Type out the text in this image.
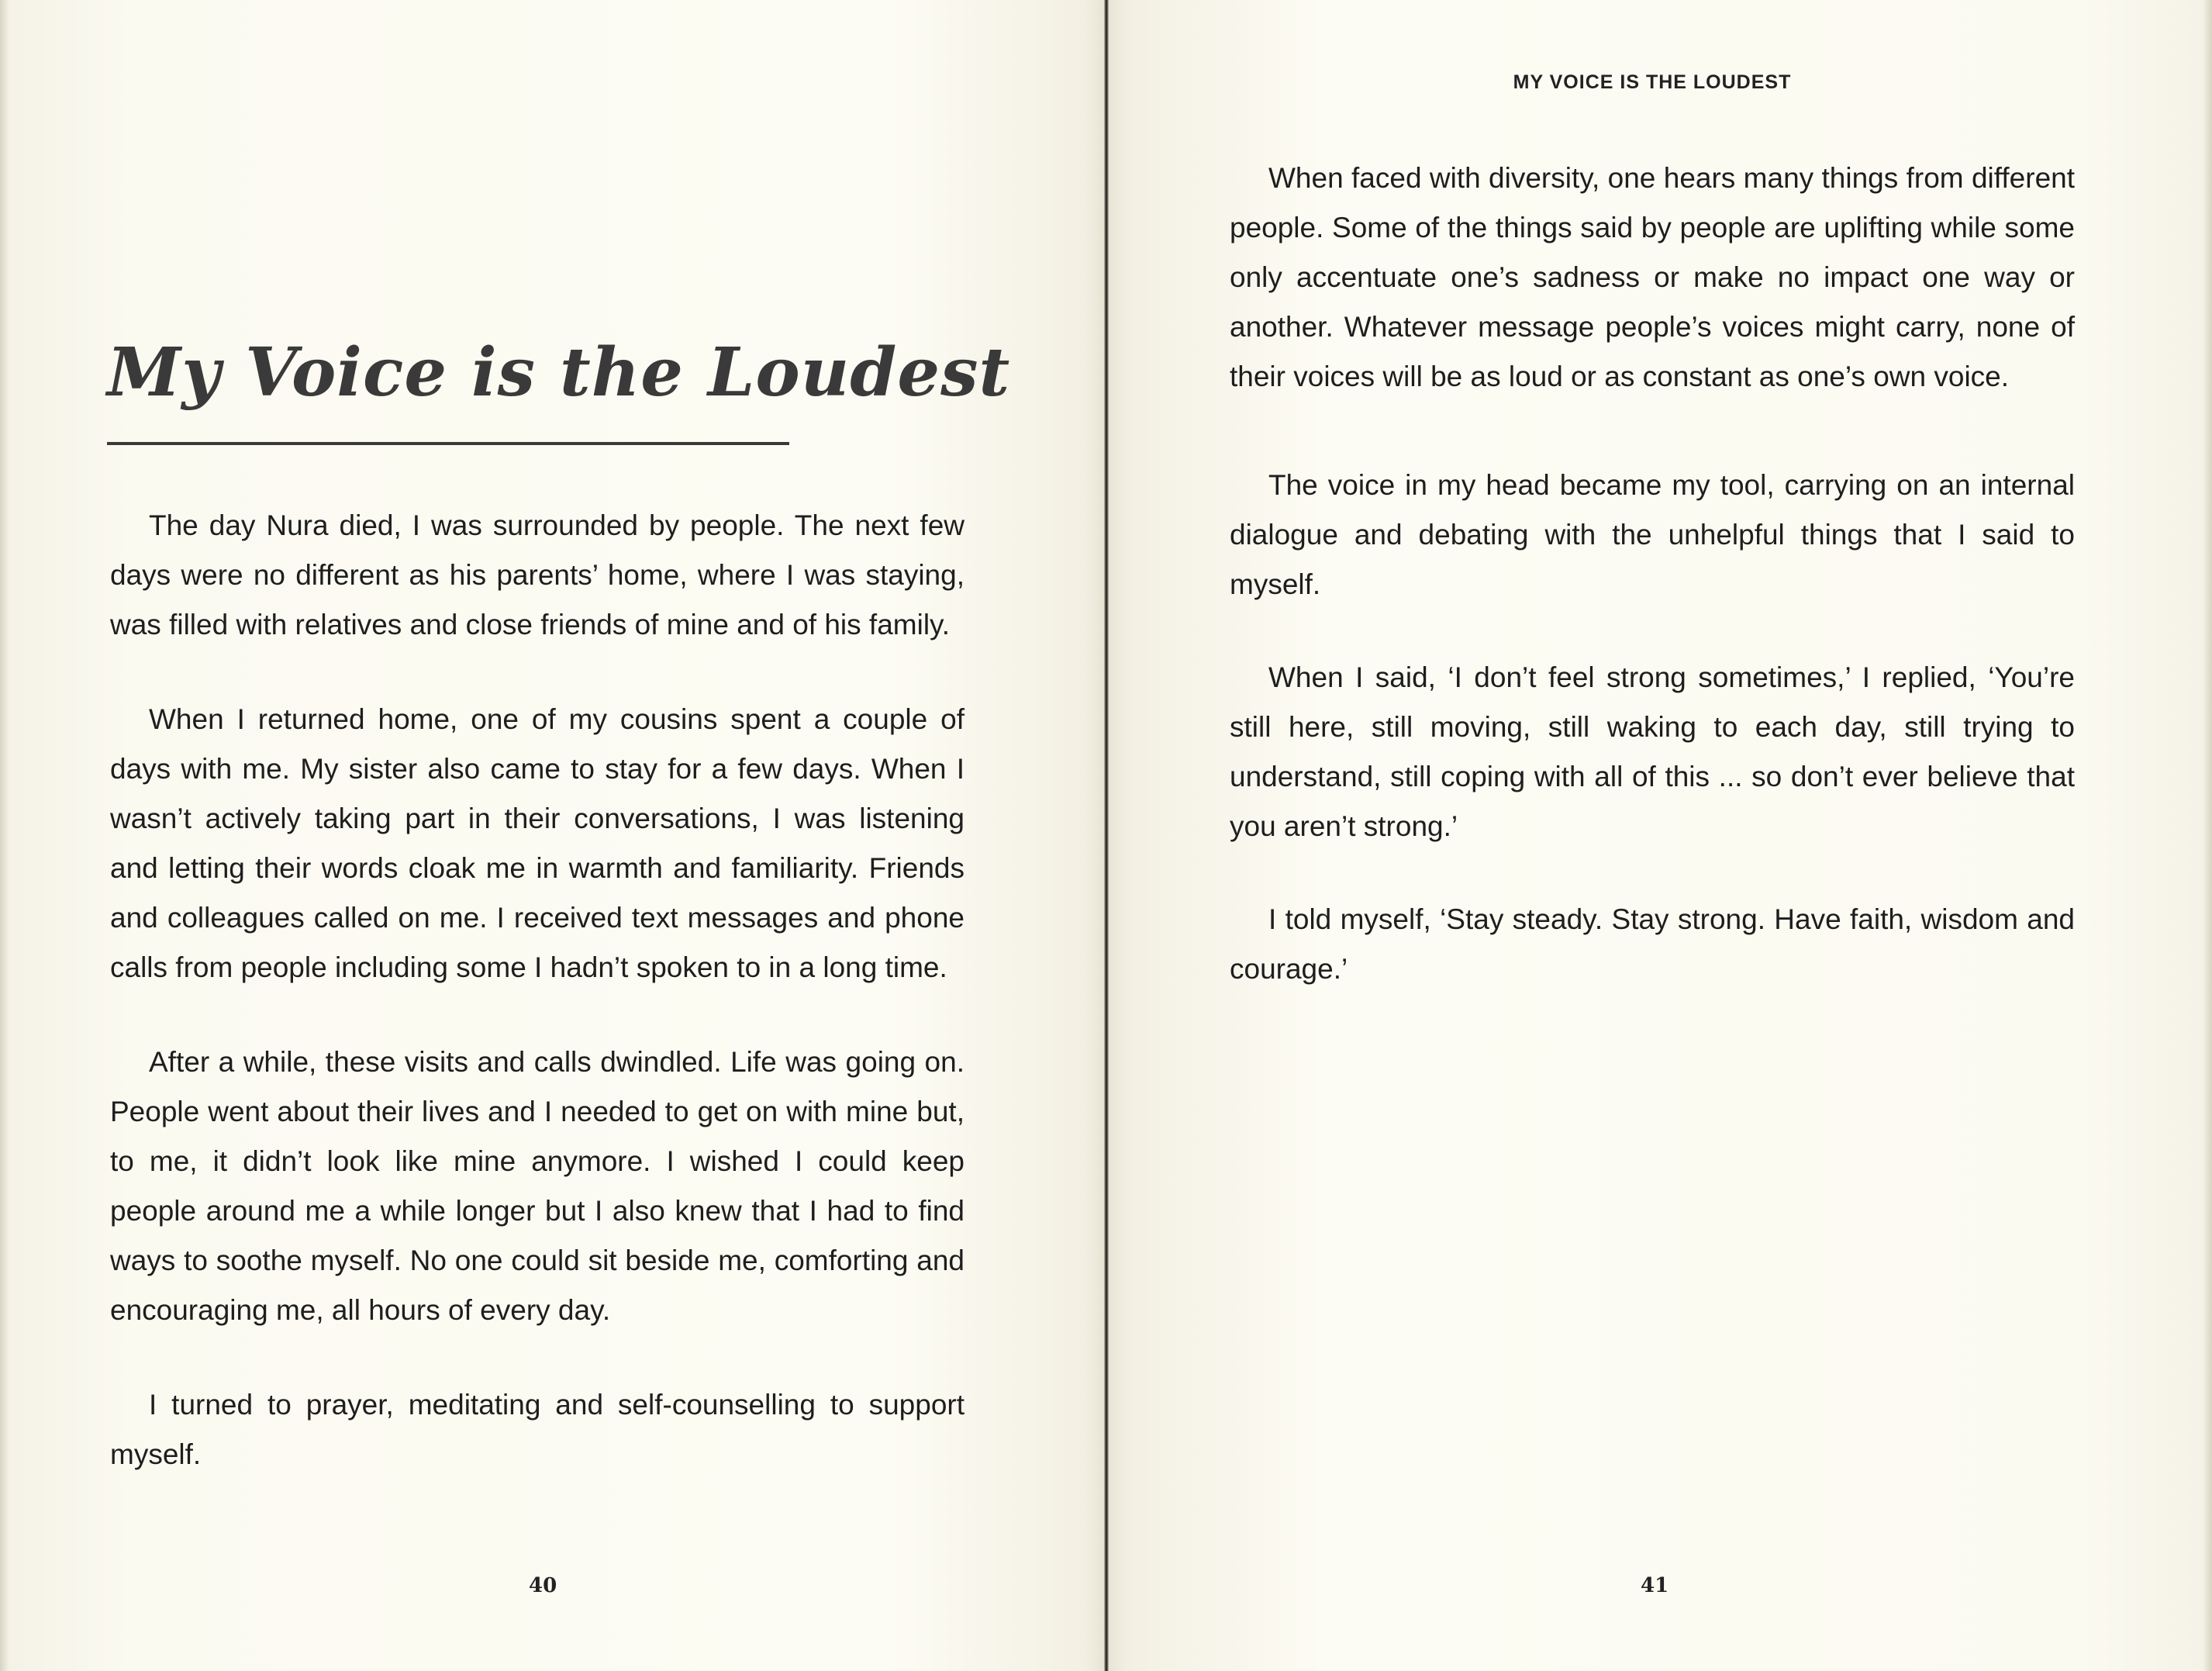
My Voice is the Loudest

The day Nura died, I was surrounded by people. The next few days were no different as his parents’ home, where I was staying, was filled with relatives and close friends of mine and of his family.

When I returned home, one of my cousins spent a couple of days with me. My sister also came to stay for a few days. When I wasn’t actively taking part in their conversations, I was listening and letting their words cloak me in warmth and familiarity. Friends and colleagues called on me. I received text messages and phone calls from people including some I hadn’t spoken to in a long time.

After a while, these visits and calls dwindled. Life was going on. People went about their lives and I needed to get on with mine but, to me, it didn’t look like mine anymore. I wished I could keep people around me a while longer but I also knew that I had to find ways to soothe myself. No one could sit beside me, comforting and encouraging me, all hours of every day.

I turned to prayer, meditating and self-counselling to support myself.

40
MY VOICE IS THE LOUDEST

When faced with diversity, one hears many things from different people. Some of the things said by people are uplifting while some only accentuate one’s sadness or make no impact one way or another. Whatever message people’s voices might carry, none of their voices will be as loud or as constant as one’s own voice.

The voice in my head became my tool, carrying on an internal dialogue and debating with the unhelpful things that I said to myself.

When I said, ‘I don’t feel strong sometimes,’ I replied, ‘You’re still here, still moving, still waking to each day, still trying to understand, still coping with all of this ... so don’t ever believe that you aren’t strong.’

I told myself, ‘Stay steady. Stay strong. Have faith, wisdom and courage.’

41
